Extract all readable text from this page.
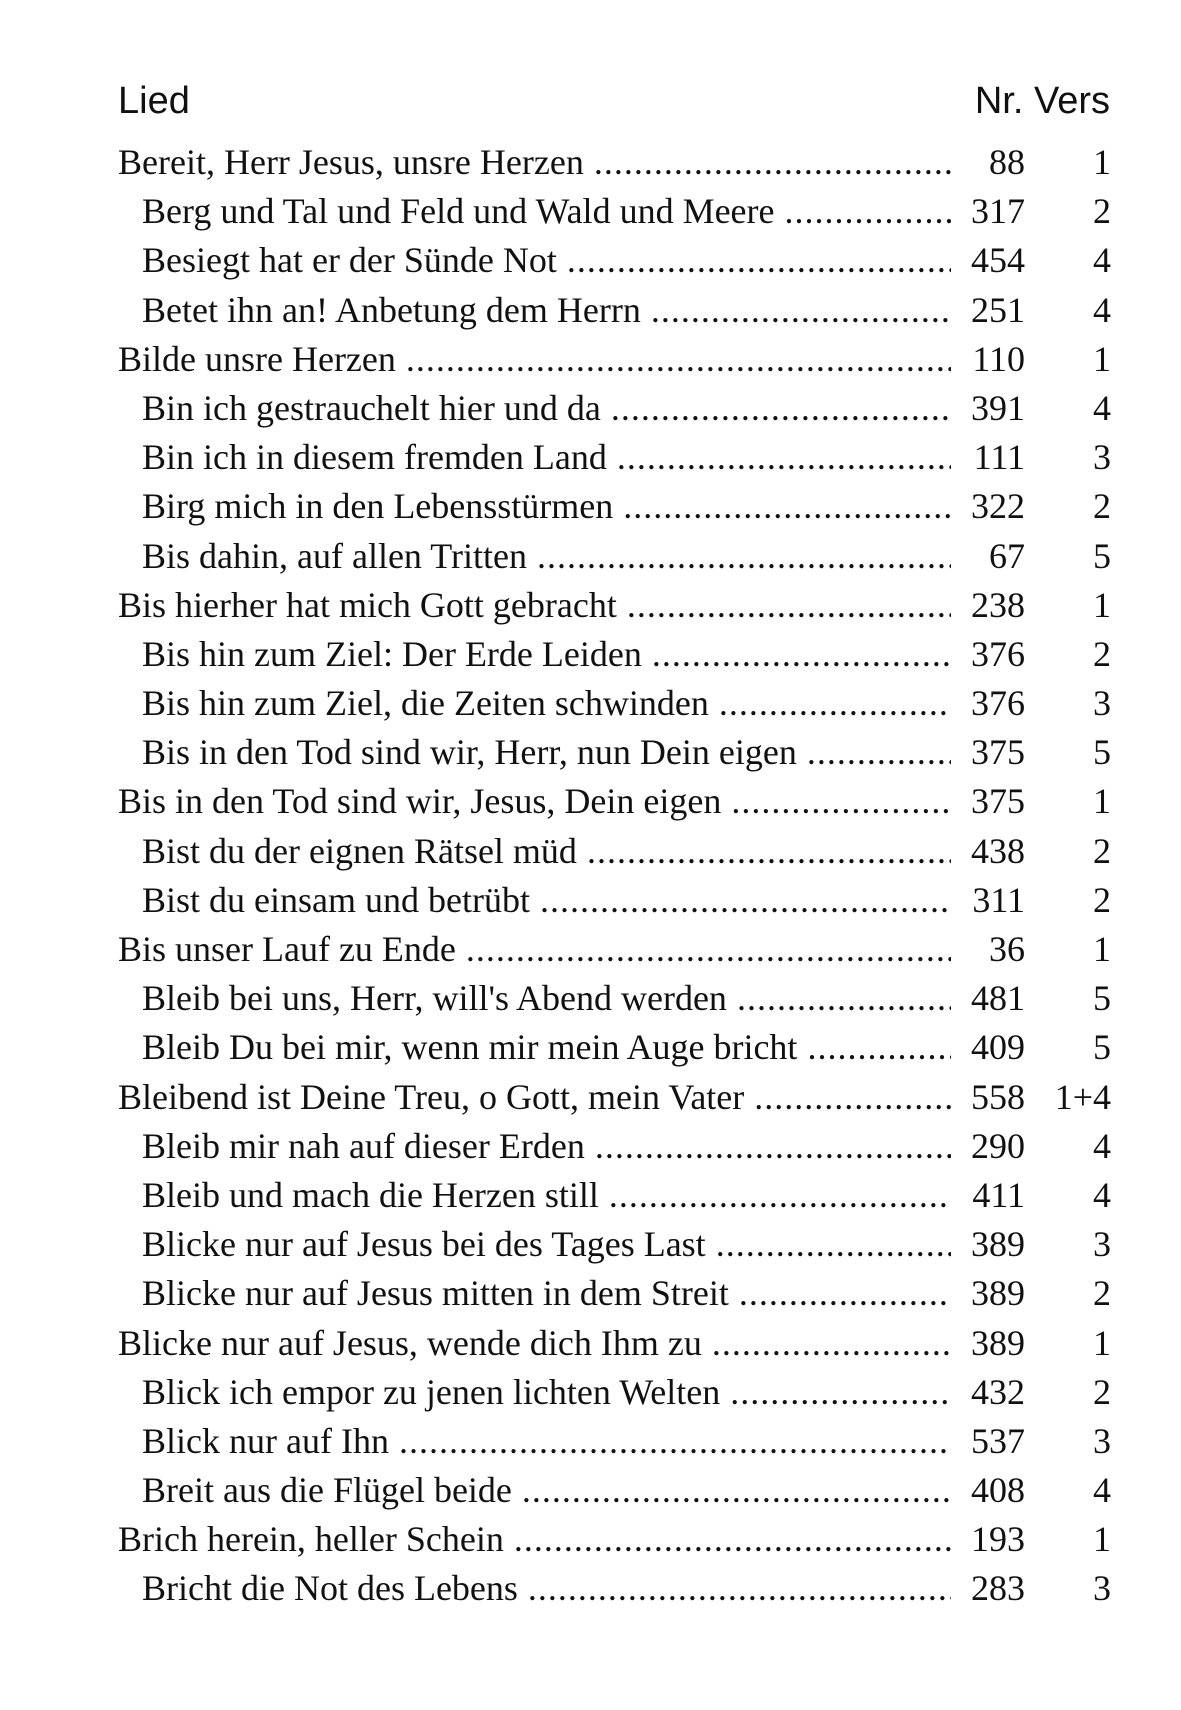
Lied	Nr. Vers
Bereit, Herr Jesus, unsre Herzen .....	88	1
Berg und Tal und Feld und Wald und Meere .....	317	2
Besiegt hat er der Sünde Not .....	454	4
Betet ihn an! Anbetung dem Herrn .....	251	4
Bilde unsre Herzen .....	110	1
Bin ich gestrauchelt hier und da .....	391	4
Bin ich in diesem fremden Land .....	111	3
Birg mich in den Lebensstürmen .....	322	2
Bis dahin, auf allen Tritten .....	67	5
Bis hierher hat mich Gott gebracht .....	238	1
Bis hin zum Ziel: Der Erde Leiden .....	376	2
Bis hin zum Ziel, die Zeiten schwinden .....	376	3
Bis in den Tod sind wir, Herr, nun Dein eigen .....	375	5
Bis in den Tod sind wir, Jesus, Dein eigen .....	375	1
Bist du der eignen Rätsel müd .....	438	2
Bist du einsam und betrübt .....	311	2
Bis unser Lauf zu Ende .....	36	1
Bleib bei uns, Herr, will's Abend werden .....	481	5
Bleib Du bei mir, wenn mir mein Auge bricht .....	409	5
Bleibend ist Deine Treu, o Gott, mein Vater .....	558 1+4
Bleib mir nah auf dieser Erden .....	290	4
Bleib und mach die Herzen still .....	411	4
Blicke nur auf Jesus bei des Tages Last .....	389	3
Blicke nur auf Jesus mitten in dem Streit .....	389	2
Blicke nur auf Jesus, wende dich Ihm zu .....	389	1
Blick ich empor zu jenen lichten Welten .....	432	2
Blick nur auf Ihn .....	537	3
Breit aus die Flügel beide .....	408	4
Brich herein, heller Schein .....	193	1
Bricht die Not des Lebens .....	283	3
